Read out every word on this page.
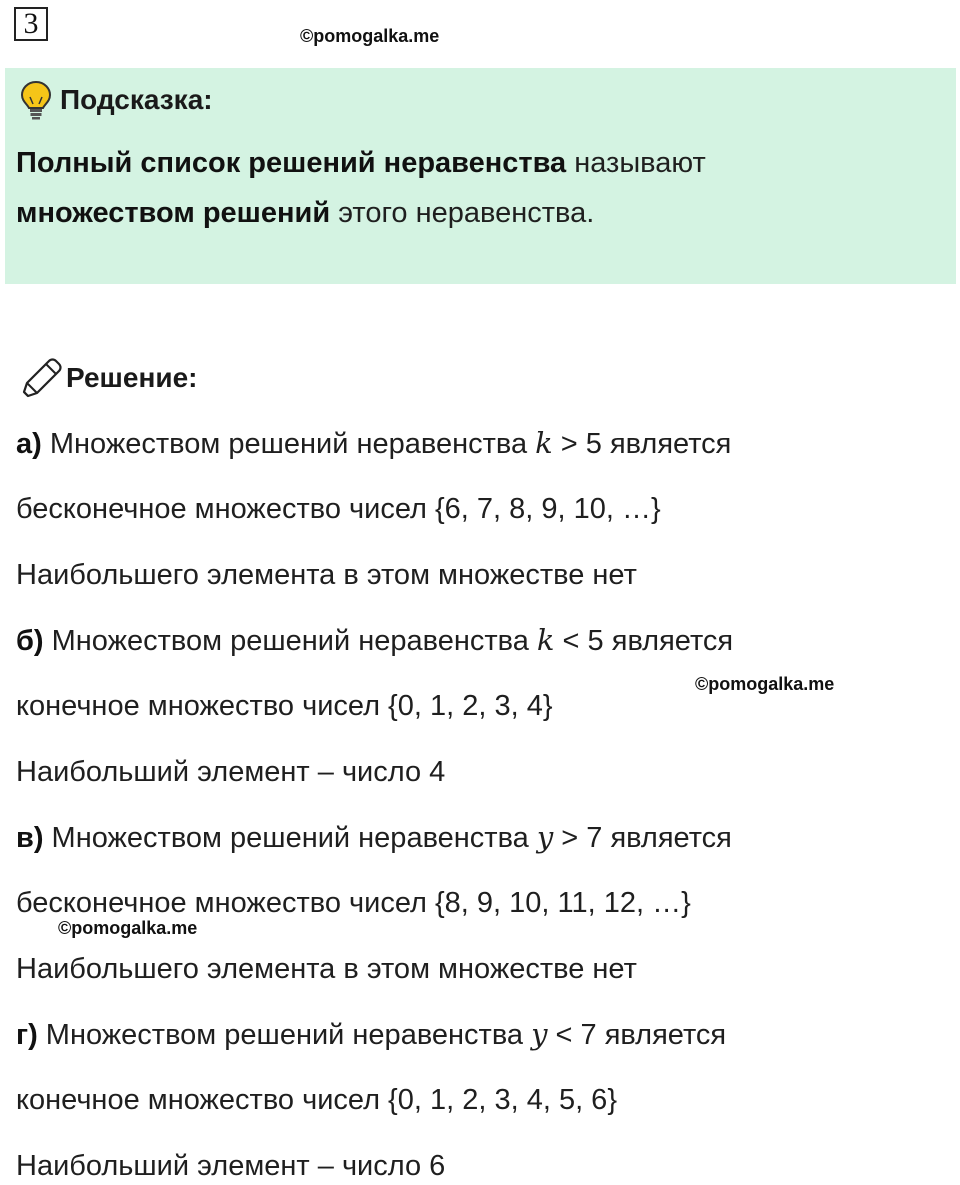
3	©pomogalka.me
Подсказка:
Полный список решений неравенства называют
множеством решений этого неравенства.
Решение:
а) Множеством решений неравенства k > 5 является
бесконечное множество чисел {6, 7, 8, 9, 10, …}
Наибольшего элемента в этом множестве нет
б) Множеством решений неравенства k < 5 является
конечное множество чисел {0, 1, 2, 3, 4}
©pomogalka.me
Наибольший элемент – число 4
в) Множеством решений неравенства y > 7 является
бесконечное множество чисел {8, 9, 10, 11, 12, …}
©pomogalka.me
Наибольшего элемента в этом множестве нет
г) Множеством решений неравенства y < 7 является
конечное множество чисел {0, 1, 2, 3, 4, 5, 6}
Наибольший элемент – число 6
